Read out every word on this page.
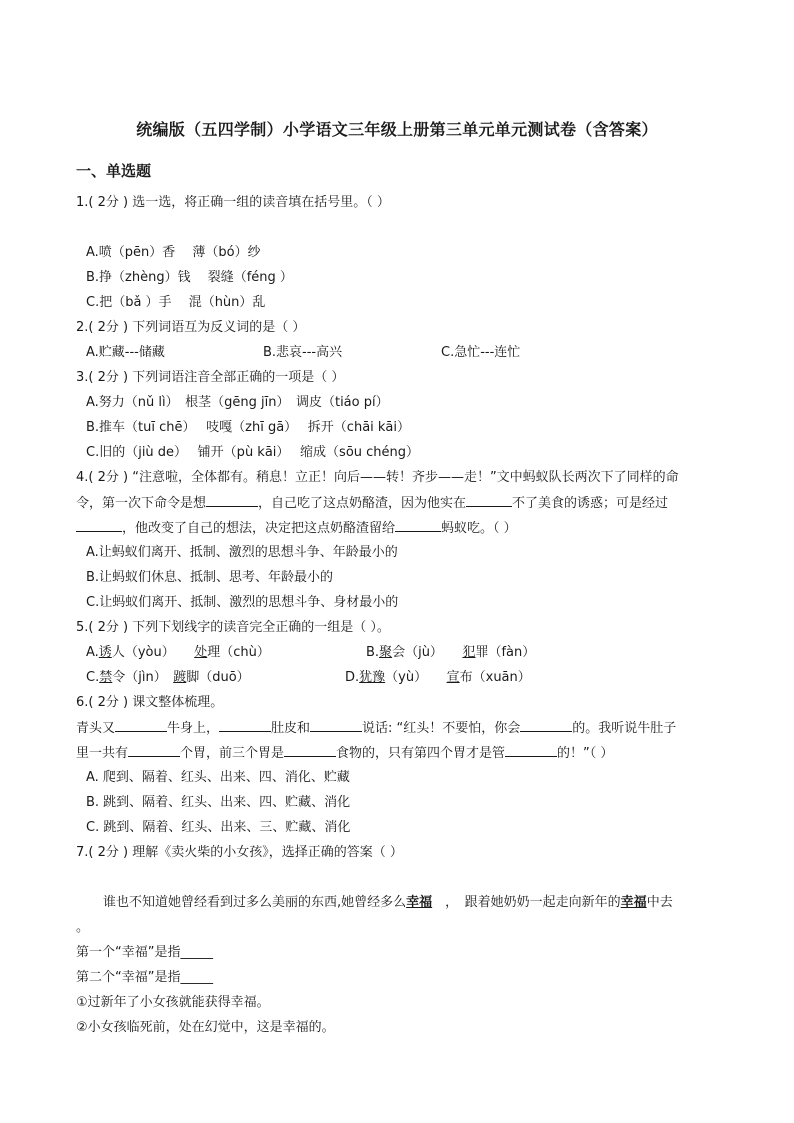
统编版（五四学制）小学语文三年级上册第三单元单元测试卷（含答案）
一、单选题
1.( 2分 ) 选一选，将正确一组的读音填在括号里。（ ）
A.喷（pēn）香　 薄（bó）纱
B.挣（zhèng）钱　 裂缝（féng ）
C.把（bǎ ）手　 混（hùn）乱
2.( 2分 ) 下列词语互为反义词的是（ ）
A.贮藏---储藏	B.悲哀---高兴	C.急忙---连忙
3.( 2分 ) 下列词语注音全部正确的一项是（ ）
A.努力（nǔ lì）　根茎（gēng jīn）　调皮（tiáo pí）
B.推车（tuī chē）　 吱嘎（zhī gā）　 拆开（chāi kāi）
C.旧的（jiù de）　 铺开（pù kāi）　 缩成（sōu chéng）
4.( 2分 ) “注意啦，全体都有。稍息！立正！向后——转！齐步——走！”文中蚂蚁队长两次下了同样的命
令，第一次下命令是想	，自己吃了这点奶酪渣，因为他实在	不了美食的诱惑；可是经过
，他改变了自己的想法，决定把这点奶酪渣留给	蚂蚁吃。（ ）
A.让蚂蚁们离开、抵制、激烈的思想斗争、年龄最小的
B.让蚂蚁们休息、抵制、思考、年龄最小的
C.让蚂蚁们离开、抵制、激烈的思想斗争、身材最小的
5.( 2分 ) 下列下划线字的读音完全正确的一组是（ ）。
A.诱人（yòu）　　处理（chù）	B.聚会（jù）　　犯罪（fàn）
C.禁令（jìn）　踱脚（duō）	D.犹豫（yù）　　宣布（xuān）
6.( 2分 ) 课文整体梳理。
青头又	牛身上，	肚皮和	说话: “红头！不要怕，你会	的。我听说牛肚子
里一共有	个胃，前三个胃是	食物的，只有第四个胃才是管	的！”（ ）
A. 爬到、隔着、红头、出来、四、消化、贮藏
B. 跳到、隔着、红头、出来、四、贮藏、消化
C. 跳到、隔着、红头、出来、三、贮藏、消化
7.( 2分 ) 理解《卖火柴的小女孩》，选择正确的答案（ ）
谁也不知道她曾经看到过多么美丽的东西,她曾经多么幸福　，　跟着她奶奶一起走向新年的幸福中去
。
第一个“幸福”是指_____
第二个“幸福”是指_____
①过新年了小女孩就能获得幸福。
②小女孩临死前，处在幻觉中，这是幸福的。
